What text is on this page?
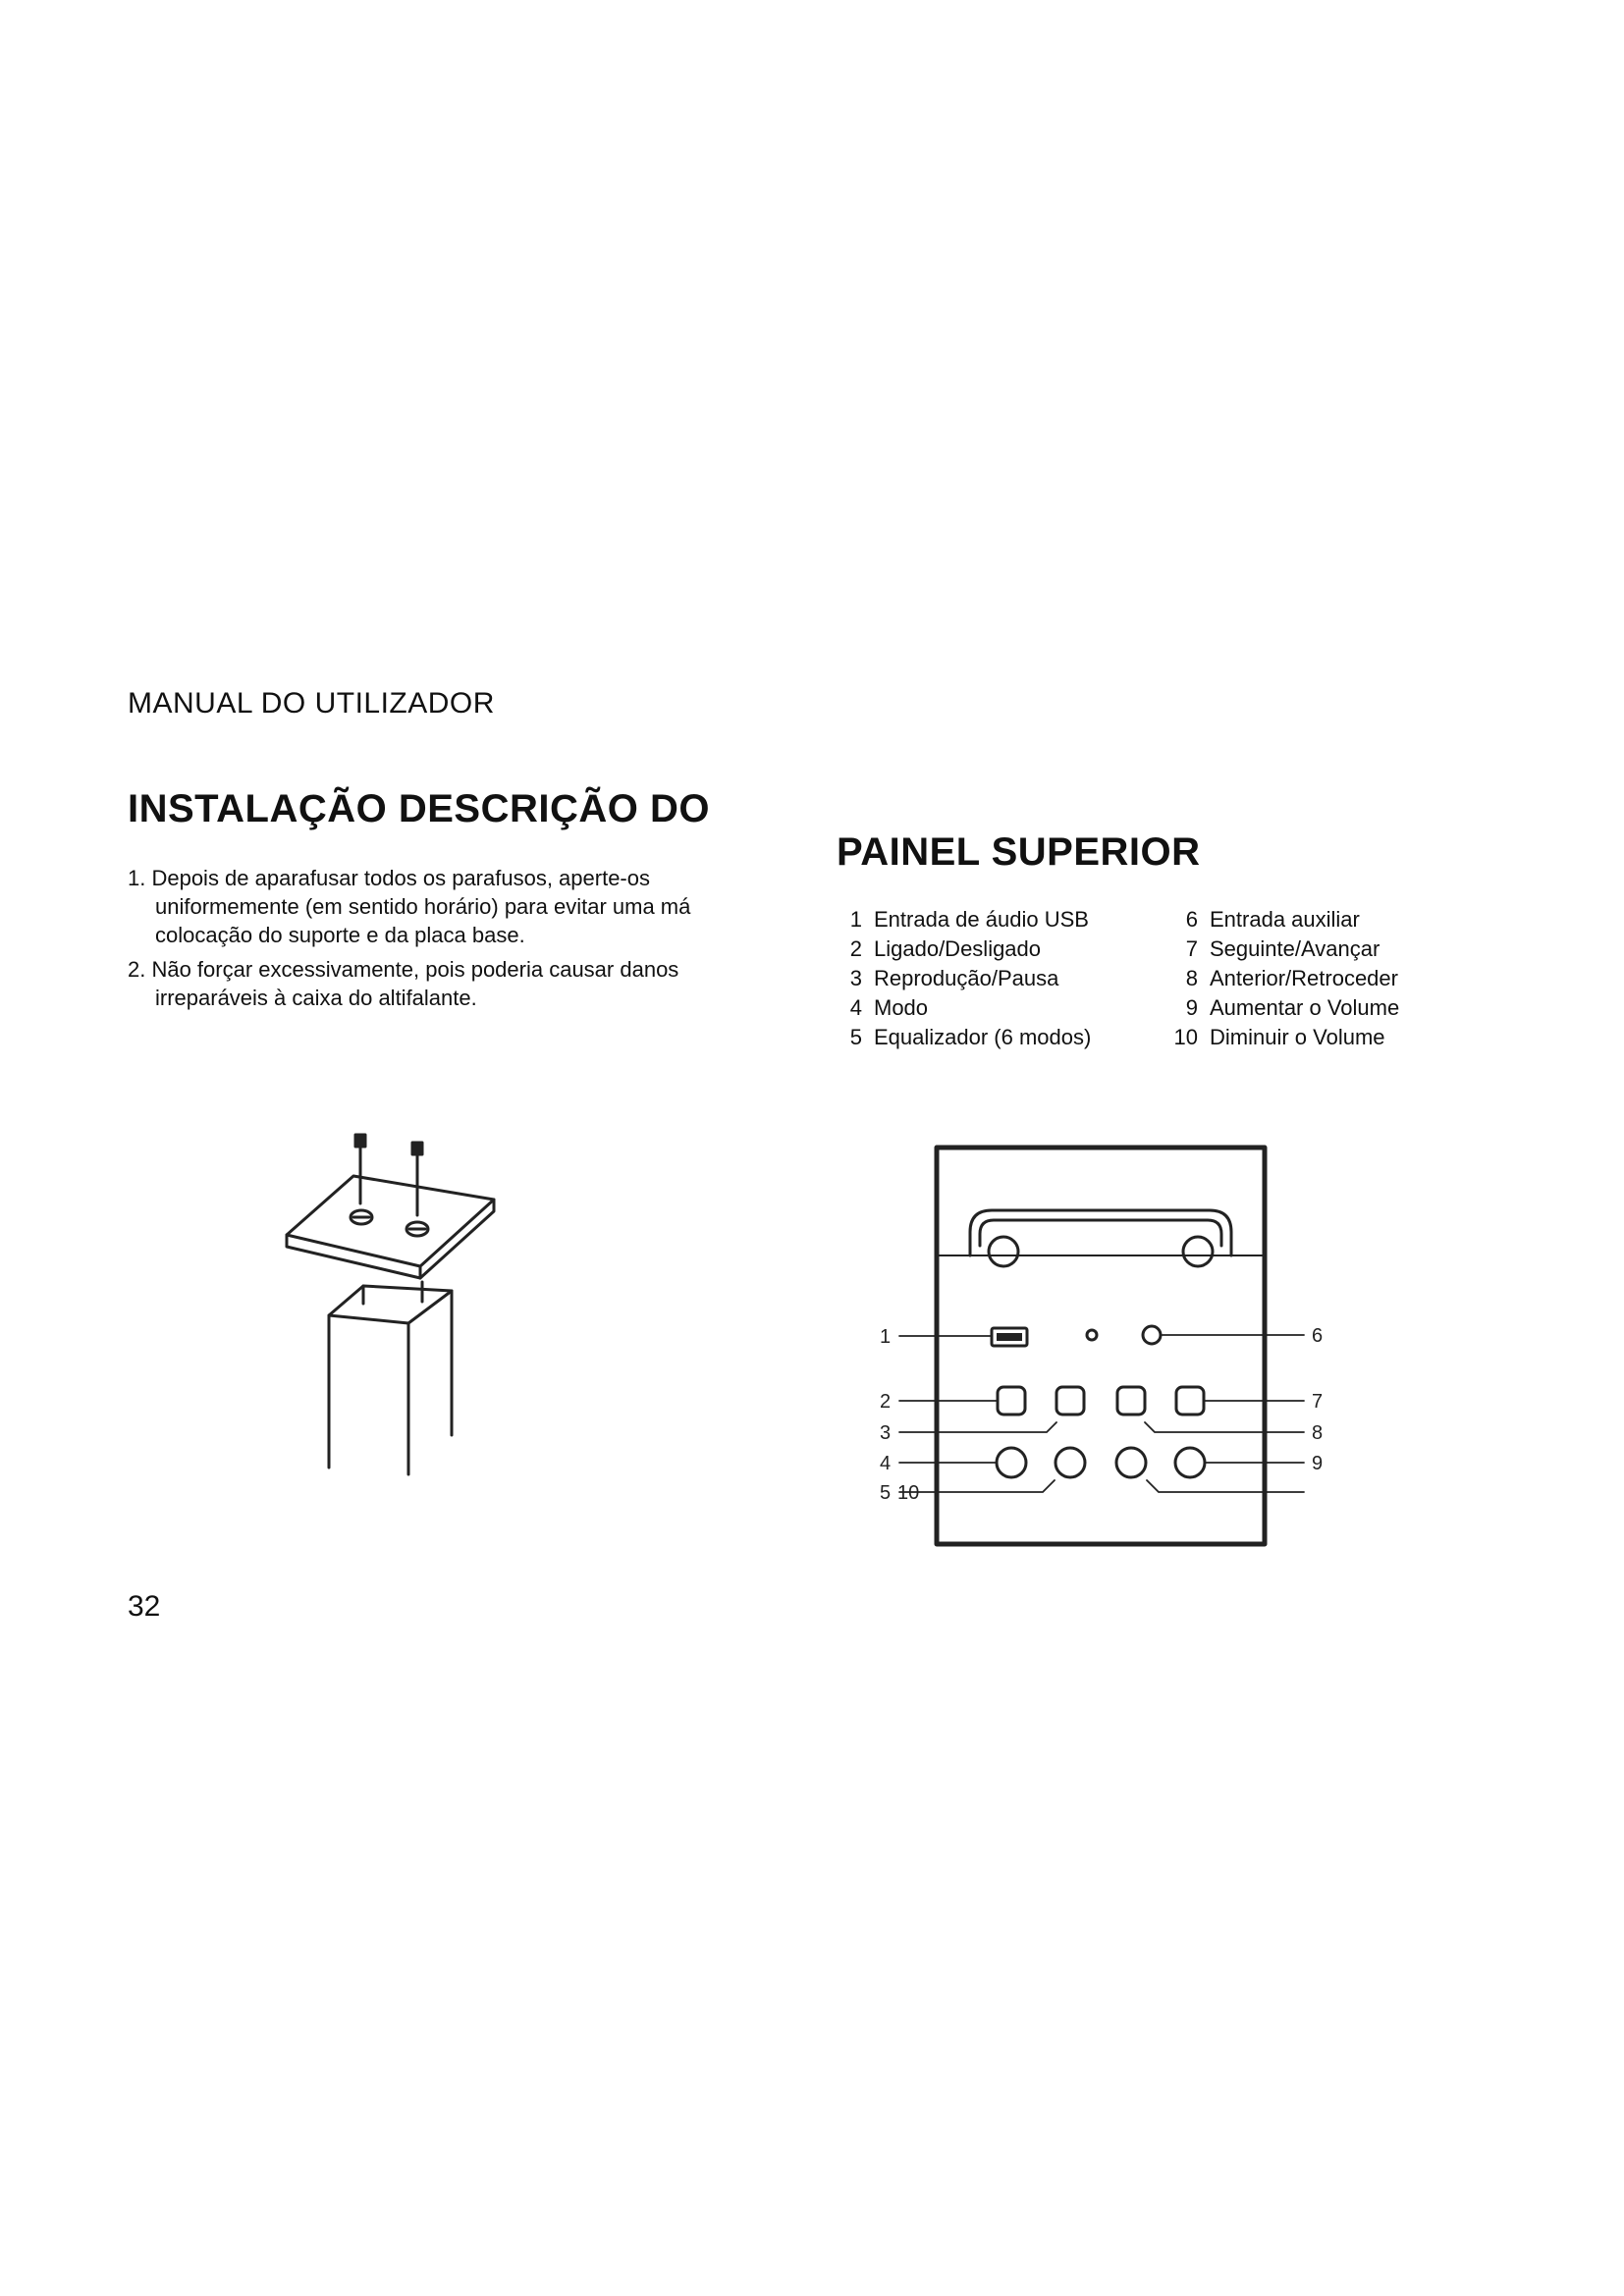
MANUAL DO UTILIZADOR
INSTALAÇÃO DESCRIÇÃO DO
1. Depois de aparafusar todos os parafusos, aperte-os uniformemente (em sentido horário) para evitar uma má colocação do suporte e da placa base.
2. Não forçar excessivamente, pois poderia causar danos irreparáveis à caixa do altifalante.
PAINEL SUPERIOR
1 Entrada de áudio USB
2 Ligado/Desligado
3 Reprodução/Pausa
4 Modo
5 Equalizador (6 modos)
6 Entrada auxiliar
7 Seguinte/Avançar
8 Anterior/Retroceder
9 Aumentar o Volume
10 Diminuir o Volume
1	6
2	7
3	8
4	9
5 10
32
